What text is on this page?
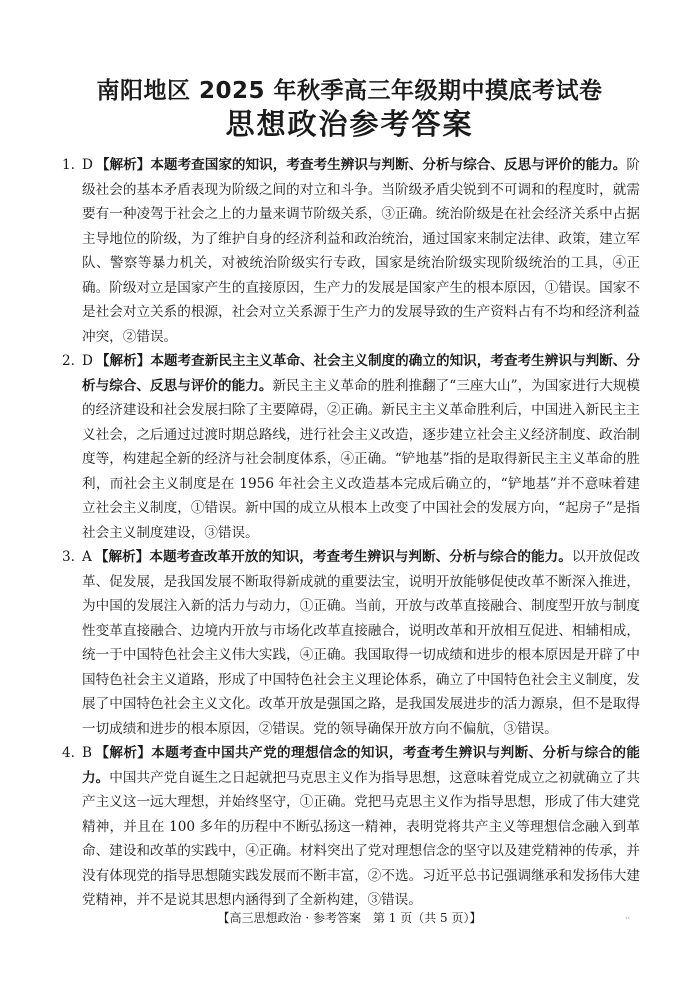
南阳地区 2025 年秋季高三年级期中摸底考试卷
思想政治参考答案

1. D 【解析】本题考查国家的知识，考查考生辨识与判断、分析与综合、反思与评价的能力。阶级社会的基本矛盾表现为阶级之间的对立和斗争。当阶级矛盾尖锐到不可调和的程度时，就需要有一种凌驾于社会之上的力量来调节阶级关系，③正确。统治阶级是在社会经济关系中占据主导地位的阶级，为了维护自身的经济利益和政治统治，通过国家来制定法律、政策，建立军队、警察等暴力机关，对被统治阶级实行专政，国家是统治阶级实现阶级统治的工具，④正确。阶级对立是国家产生的直接原因，生产力的发展是国家产生的根本原因，①错误。国家不是社会对立关系的根源，社会对立关系源于生产力的发展导致的生产资料占有不均和经济利益冲突，②错误。

2. D 【解析】本题考查新民主主义革命、社会主义制度的确立的知识，考查考生辨识与判断、分析与综合、反思与评价的能力。新民主主义革命的胜利推翻了“三座大山”，为国家进行大规模的经济建设和社会发展扫除了主要障碍，②正确。新民主主义革命胜利后，中国进入新民主主义社会，之后通过过渡时期总路线，进行社会主义改造，逐步建立社会主义经济制度、政治制度等，构建起全新的经济与社会制度体系，④正确。“铲地基”指的是取得新民主主义革命的胜利，而社会主义制度是在 1956 年社会主义改造基本完成后确立的，“铲地基”并不意味着建立社会主义制度，①错误。新中国的成立从根本上改变了中国社会的发展方向，“起房子”是指社会主义制度建设，③错误。

3. A 【解析】本题考查改革开放的知识，考查考生辨识与判断、分析与综合的能力。以开放促改革、促发展，是我国发展不断取得新成就的重要法宝，说明开放能够促使改革不断深入推进，为中国的发展注入新的活力与动力，①正确。当前，开放与改革直接融合、制度型开放与制度性变革直接融合、边境内开放与市场化改革直接融合，说明改革和开放相互促进、相辅相成，统一于中国特色社会主义伟大实践，④正确。我国取得一切成绩和进步的根本原因是开辟了中国特色社会主义道路，形成了中国特色社会主义理论体系，确立了中国特色社会主义制度，发展了中国特色社会主义文化。改革开放是强国之路，是我国发展进步的活力源泉，但不是取得一切成绩和进步的根本原因，②错误。党的领导确保开放方向不偏航，③错误。

4. B 【解析】本题考查中国共产党的理想信念的知识，考查考生辨识与判断、分析与综合的能力。中国共产党自诞生之日起就把马克思主义作为指导思想，这意味着党成立之初就确立了共产主义这一远大理想，并始终坚守，①正确。党把马克思主义作为指导思想，形成了伟大建党精神，并且在 100 多年的历程中不断弘扬这一精神，表明党将共产主义等理想信念融入到革命、建设和改革的实践中，④正确。材料突出了党对理想信念的坚守以及建党精神的传承，并没有体现党的指导思想随实践发展而不断丰富，②不选。习近平总书记强调继承和发扬伟大建党精神，并不是说其思想内涵得到了全新构建，③错误。

【高三思想政治 · 参考答案　第 1 页（共 5 页）】	··
